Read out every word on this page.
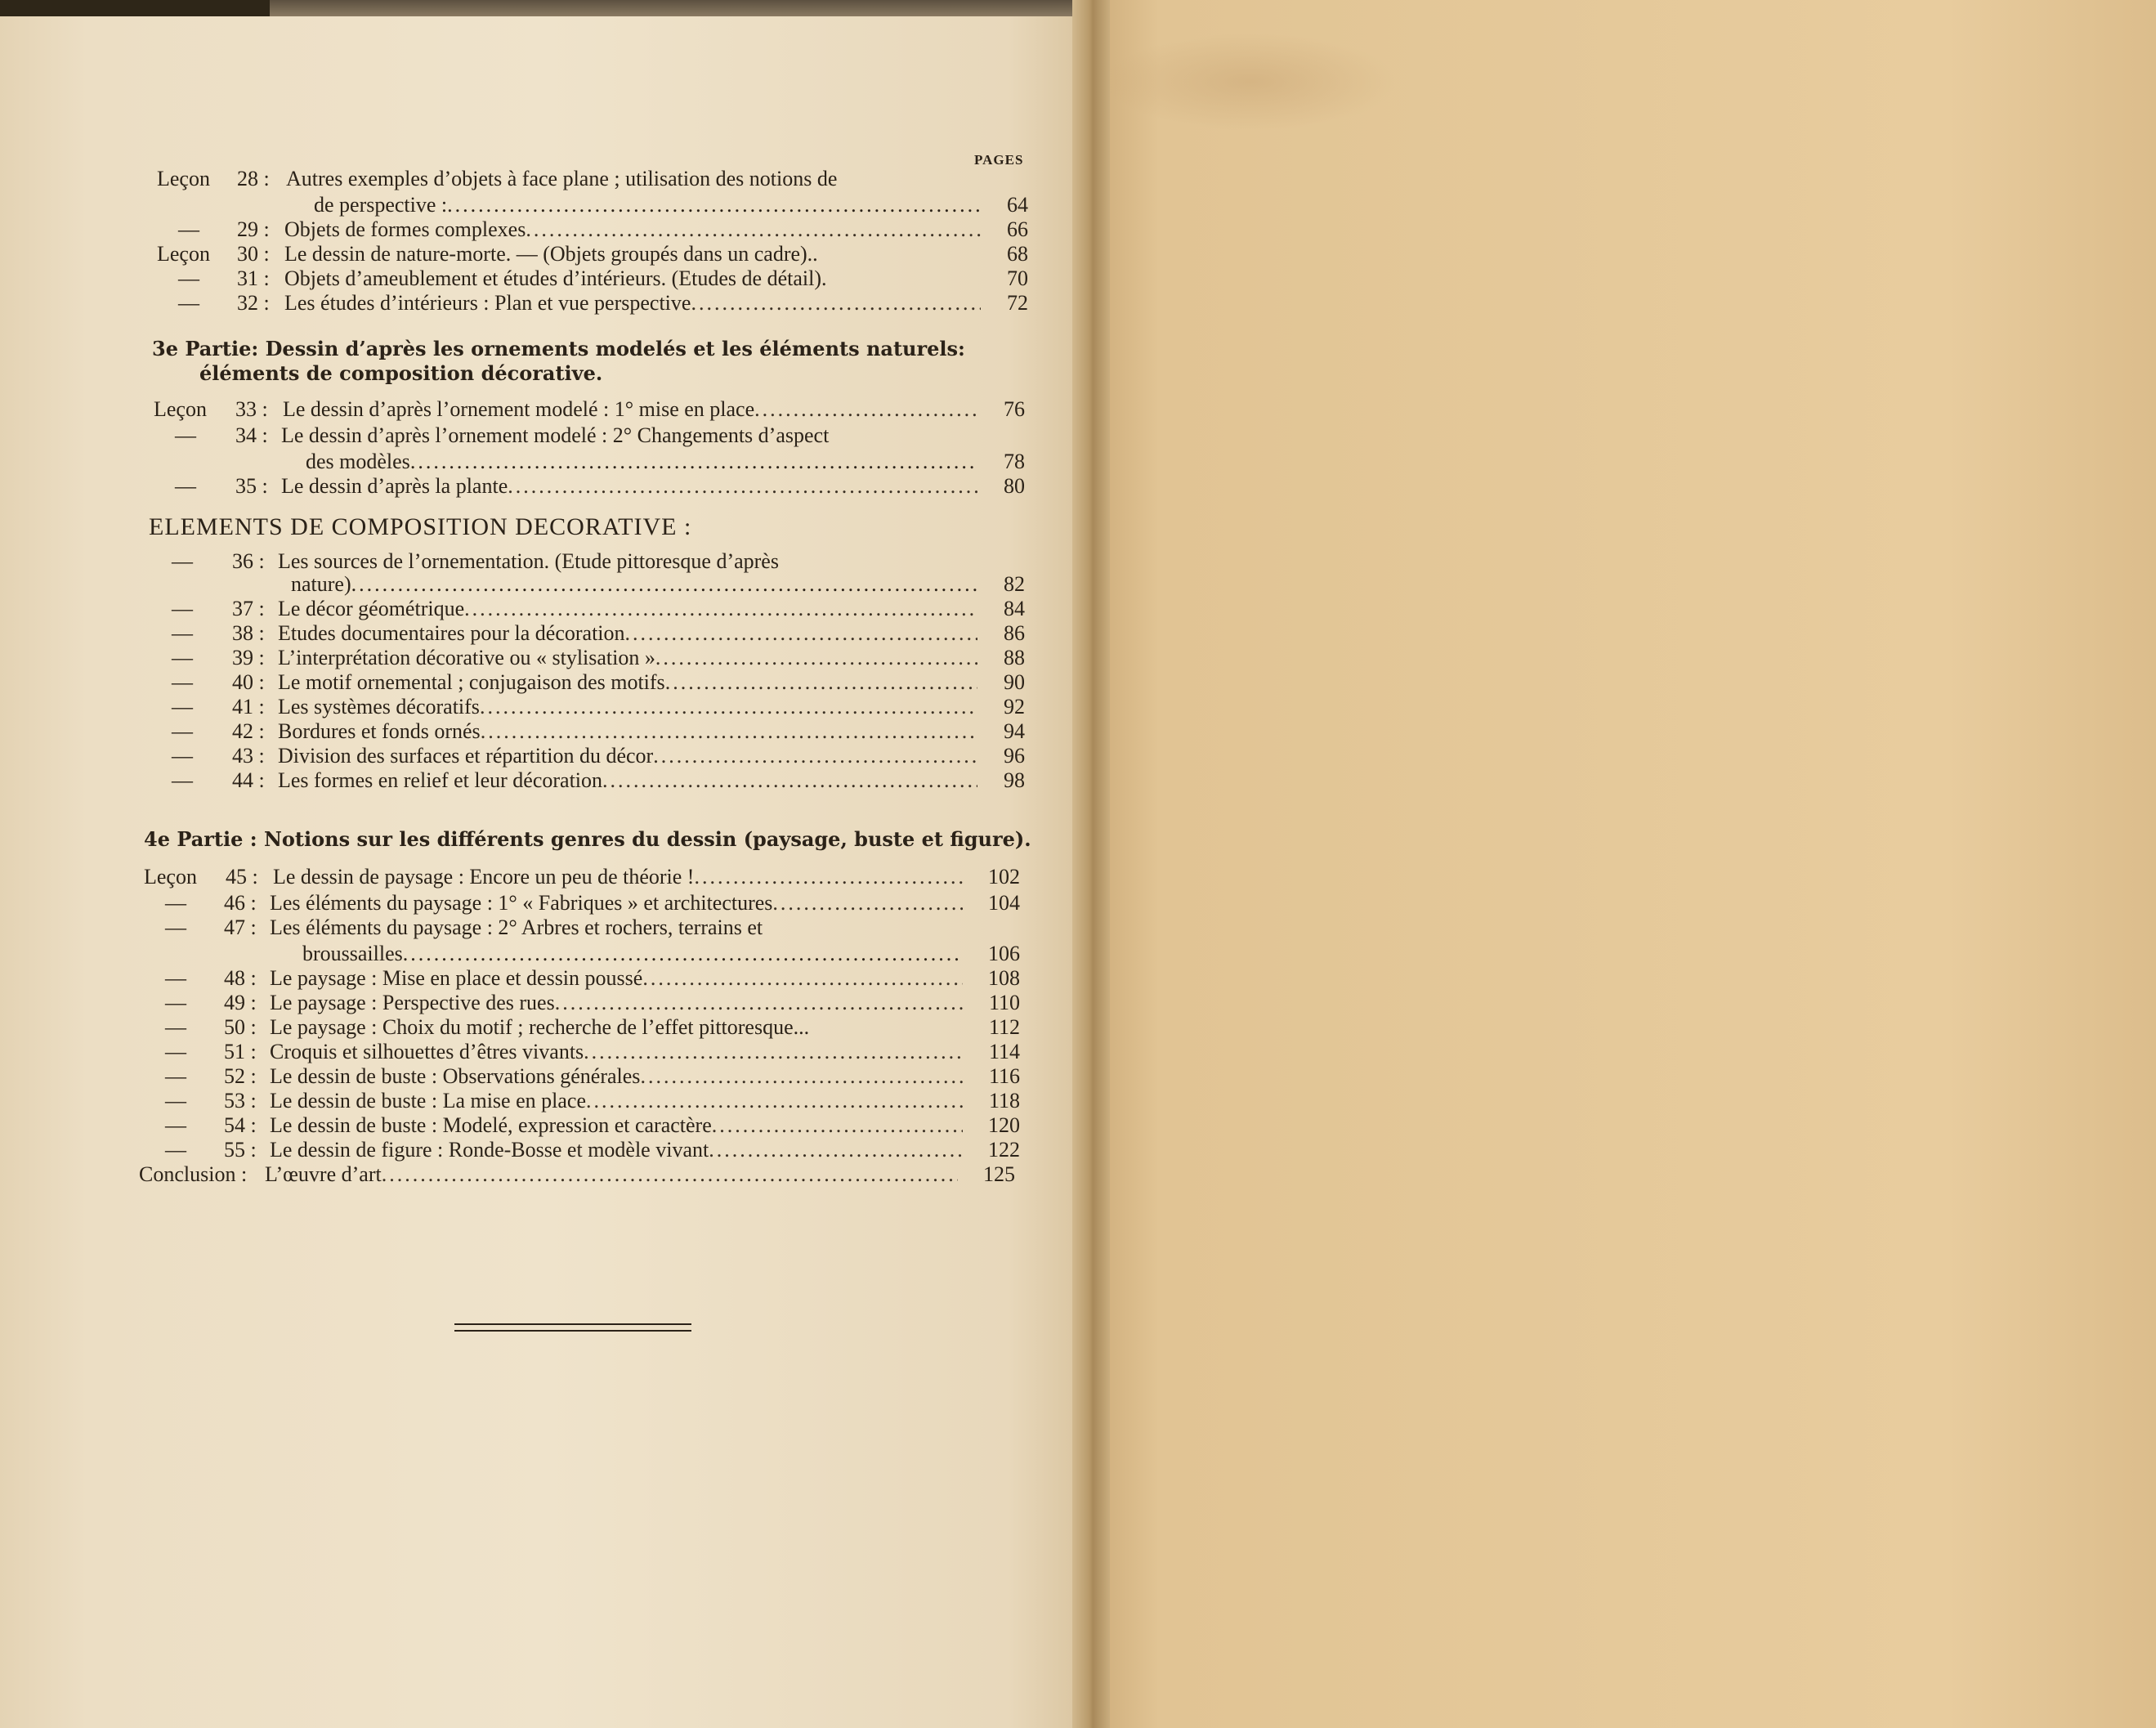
PAGES
Leçon 28 : Autres exemples d’objets à face plane ; utilisation des notions de
de perspective : .....	64
— 29 : Objets de formes complexes .....	66
Leçon 30 : Le dessin de nature-morte. — (Objets groupés dans un cadre)..	68
— 31 : Objets d’ameublement et études d’intérieurs. (Etudes de détail).	70
— 32 : Les études d’intérieurs : Plan et vue perspective .....	72
3e Partie: Dessin d’après les ornements modelés et les éléments naturels:
éléments de composition décorative.
Leçon 33 : Le dessin d’après l’ornement modelé : 1° mise en place .....	76
— 34 : Le dessin d’après l’ornement modelé : 2° Changements d’aspect
des modèles .....	78
— 35 : Le dessin d’après la plante .....	80
ELEMENTS DE COMPOSITION DECORATIVE :
— 36 : Les sources de l’ornementation. (Etude pittoresque d’après
nature) .....	82
— 37 : Le décor géométrique .....	84
— 38 : Etudes documentaires pour la décoration .....	86
— 39 : L’interprétation décorative ou « stylisation » .....	88
— 40 : Le motif ornemental ; conjugaison des motifs .....	90
— 41 : Les systèmes décoratifs .....	92
— 42 : Bordures et fonds ornés .....	94
— 43 : Division des surfaces et répartition du décor .....	96
— 44 : Les formes en relief et leur décoration .....	98
4e Partie : Notions sur les différents genres du dessin (paysage, buste et figure).
Leçon 45 : Le dessin de paysage : Encore un peu de théorie ! .....	102
— 46 : Les éléments du paysage : 1° « Fabriques » et architectures .....	104
— 47 : Les éléments du paysage : 2° Arbres et rochers, terrains et
broussailles .....	106
— 48 : Le paysage : Mise en place et dessin poussé .....	108
— 49 : Le paysage : Perspective des rues .....	110
— 50 : Le paysage : Choix du motif ; recherche de l’effet pittoresque...	112
— 51 : Croquis et silhouettes d’êtres vivants .....	114
— 52 : Le dessin de buste : Observations générales .....	116
— 53 : Le dessin de buste : La mise en place .....	118
— 54 : Le dessin de buste : Modelé, expression et caractère .....	120
— 55 : Le dessin de figure : Ronde-Bosse et modèle vivant .....	122
Conclusion : L’œuvre d’art .....	125
